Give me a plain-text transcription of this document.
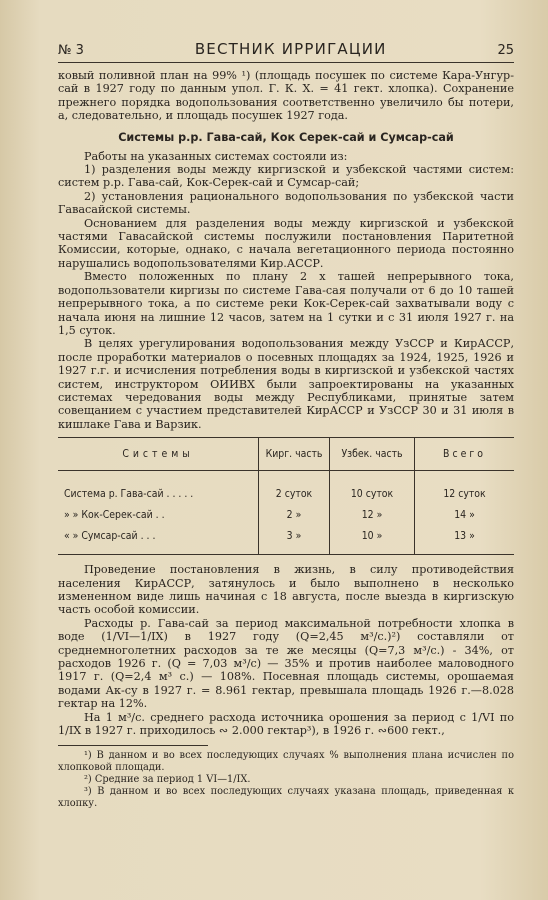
№ 3	ВЕСТНИК ИРРИГАЦИИ	25

ковый поливной план на 99% ¹) (площадь посушек по системе Кара-Унгур-сай в 1927 году по данным упол. Г. К. Х. = 41 гект. хлопка). Сохранение прежнего порядка водопользования соответственно увеличило бы потери, а, следовательно, и площадь посушек 1927 года.

Системы р.р. Гава-сай, Кок Серек-сай и Сумсар-сай

Работы на указанных системах состояли из:

1) разделения воды между киргизской и узбекской частями систем: систем р.р. Гава-сай, Кок-Серек-сай и Сумсар-сай;

2) установления рационального водопользования по узбекской части Гавасайской системы.

Основанием для разделения воды между киргизской и узбекской частями Гавасайской системы послужили постановления Паритетной Комиссии, которые, однако, с начала вегетационного периода постоянно нарушались водопользователями Кир.АССР.

Вместо положенных по плану 2 х ташей непрерывного тока, водопользователи киргизы по системе Гава-сая получали от 6 до 10 ташей непрерывного тока, а по системе реки Кок-Серек-сай захватывали воду с начала июня на лишние 12 часов, затем на 1 сутки и с 31 июля 1927 г. на 1,5 суток.

В целях урегулирования водопользования между УзССР и КирАССР, после проработки материалов о посевных площадях за 1924, 1925, 1926 и 1927 г.г. и исчисления потребления воды в киргизской и узбекской частях систем, инструктором ОИИВХ были запроектированы на указанных системах чередования воды между Республиками, принятые затем совещанием с участием представителей КирАССР и УзССР 30 и 31 июля в кишлаке Гава и Варзик.

Системы	Кирг. часть	Узбек. часть	Всего
Система р. Гава-сай . . . . .	2 суток	10 суток	12 суток
» » Кок-Серек-сай . .	2 »	12 »	14 »
« » Сумсар-сай . . .	3 »	10 »	13 »

Проведение постановления в жизнь, в силу противодействия населения КирАССР, затянулось и было выполнено в несколько измененном виде лишь начиная с 18 августа, после выезда в киргизскую часть особой комиссии.

Расходы р. Гава-сай за период максимальной потребности хлопка в воде (1/VI—1/IX) в 1927 году (Q=2,45 м³/с.)²) составляли от среднемноголетних расходов за те же месяцы (Q=7,3 м³/с.) - 34%, от расходов 1926 г. (Q = 7,03 м³/с) — 35% и против наиболее маловодного 1917 г. (Q=2,4 м³ с.) — 108%. Посевная площадь системы, орошаемая водами Ак-су в 1927 г. = 8.961 гектар, превышала площадь 1926 г.—8.028 гектар на 12%.

На 1 м³/с. среднего расхода источника орошения за период с 1/VI по 1/IX в 1927 г. приходилось ∾ 2.000 гектар³), в 1926 г. ∾600 гект.,

¹) В данном и во всех последующих случаях % выполнения плана исчислен по хлопковой площади.

²) Средние за период 1 VI—1/IX.

³) В данном и во всех последующих случаях указана площадь, приведенная к хлопку.
